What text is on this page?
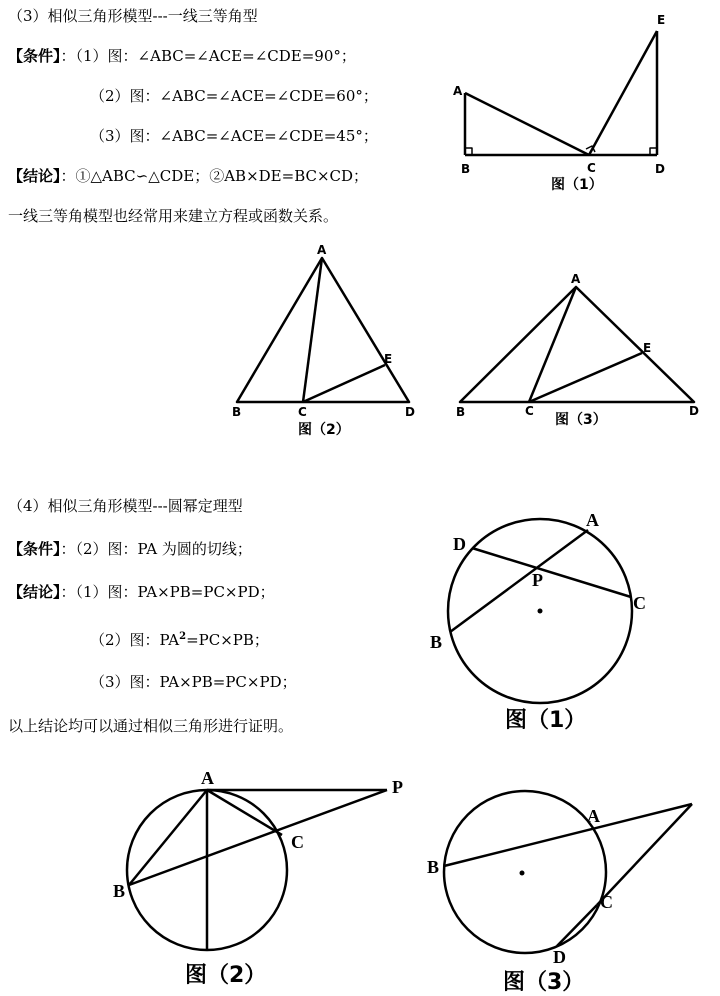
（3）相似三角形模型---一线三等角型
【条件】：（1）图：∠ABC=∠ACE=∠CDE=90°；
（2）图：∠ABC=∠ACE=∠CDE=60°；
（3）图：∠ABC=∠ACE=∠CDE=45°；
【结论】：①△ABC∽△CDE；②AB×DE=BC×CD；
一线三等角模型也经常用来建立方程或函数关系。
（4）相似三角形模型---圆幂定理型
【条件】：（2）图：PA 为圆的切线；
【结论】：（1）图：PA×PB=PC×PD；
（2）图：$PA^2=PC\times PB$；
（3）图：PA×PB=PC×PD；
以上结论均可以通过相似三角形进行证明。
A
B	C	D
E
图（1）
A
B	C	D
E
图（2）
A
B	C	D
E
图（3）
A
B
C
D
P
图（1）
A
B
C
P
图（2）
A
B
C
D
图（3）
